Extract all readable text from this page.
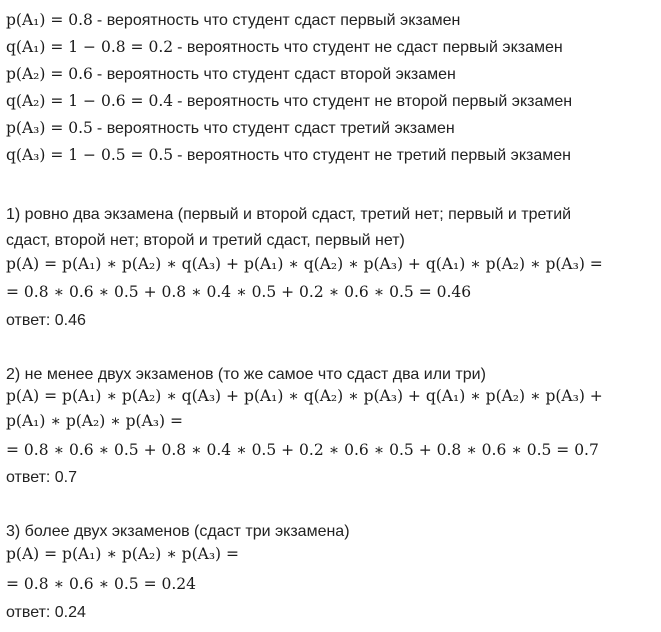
p(A₁) = 0.8 - вероятность что студент сдаст первый экзамен
q(A₁) = 1 − 0.8 = 0.2 - вероятность что студент не сдаст первый экзамен
p(A₂) = 0.6 - вероятность что студент сдаст второй экзамен
q(A₂) = 1 − 0.6 = 0.4 - вероятность что студент не второй первый экзамен
p(A₃) = 0.5 - вероятность что студент сдаст третий экзамен
q(A₃) = 1 − 0.5 = 0.5 - вероятность что студент не третий первый экзамен
1) ровно два экзамена (первый и второй сдаст, третий нет; первый и третий
сдаст, второй нет; второй и третий сдаст, первый нет)
p(A) = p(A₁) ∗ p(A₂) ∗ q(A₃) + p(A₁) ∗ q(A₂) ∗ p(A₃) + q(A₁) ∗ p(A₂) ∗ p(A₃) =
= 0.8 ∗ 0.6 ∗ 0.5 + 0.8 ∗ 0.4 ∗ 0.5 + 0.2 ∗ 0.6 ∗ 0.5 = 0.46
ответ: 0.46
2) не менее двух экзаменов (то же самое что сдаст два или три)
p(A) = p(A₁) ∗ p(A₂) ∗ q(A₃) + p(A₁) ∗ q(A₂) ∗ p(A₃) + q(A₁) ∗ p(A₂) ∗ p(A₃) +
p(A₁) ∗ p(A₂) ∗ p(A₃) =
= 0.8 ∗ 0.6 ∗ 0.5 + 0.8 ∗ 0.4 ∗ 0.5 + 0.2 ∗ 0.6 ∗ 0.5 + 0.8 ∗ 0.6 ∗ 0.5 = 0.7
ответ: 0.7
3) более двух экзаменов (сдаст три экзамена)
p(A) = p(A₁) ∗ p(A₂) ∗ p(A₃) =
= 0.8 ∗ 0.6 ∗ 0.5 = 0.24
ответ: 0.24
